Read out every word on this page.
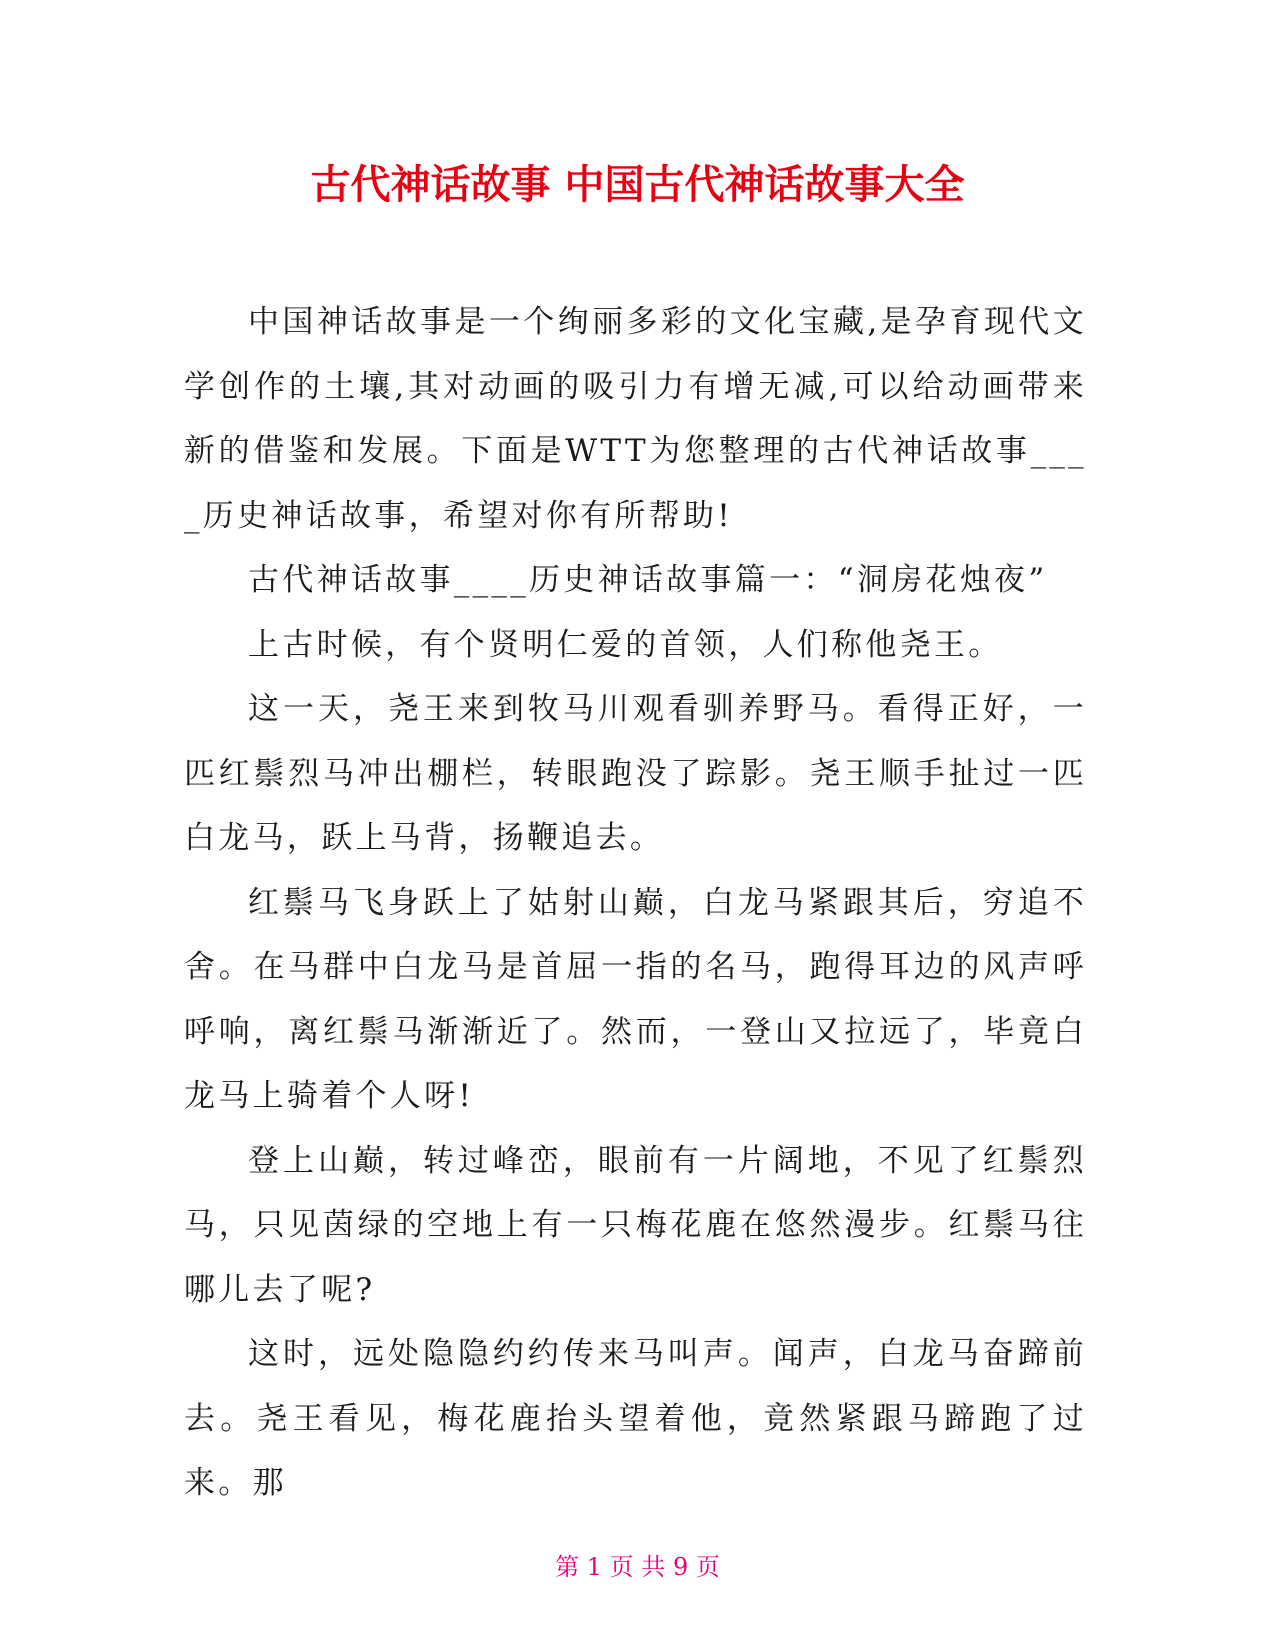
古代神话故事 中国古代神话故事大全

中国神话故事是一个绚丽多彩的文化宝藏,是孕育现代文学创作的土壤,其对动画的吸引力有增无减,可以给动画带来新的借鉴和发展。下面是WTT为您整理的古代神话故事____历史神话故事，希望对你有所帮助!

古代神话故事____历史神话故事篇一：“洞房花烛夜”

上古时候，有个贤明仁爱的首领，人们称他尧王。

这一天，尧王来到牧马川观看驯养野马。看得正好，一匹红鬃烈马冲出棚栏，转眼跑没了踪影。尧王顺手扯过一匹白龙马，跃上马背，扬鞭追去。

红鬃马飞身跃上了姑射山巅，白龙马紧跟其后，穷追不舍。在马群中白龙马是首屈一指的名马，跑得耳边的风声呼呼响，离红鬃马渐渐近了。然而，一登山又拉远了，毕竟白龙马上骑着个人呀!

登上山巅，转过峰峦，眼前有一片阔地，不见了红鬃烈马，只见茵绿的空地上有一只梅花鹿在悠然漫步。红鬃马往哪儿去了呢?

这时，远处隐隐约约传来马叫声。闻声，白龙马奋蹄前去。尧王看见，梅花鹿抬头望着他，竟然紧跟马蹄跑了过来。那

第 1 页 共 9 页
